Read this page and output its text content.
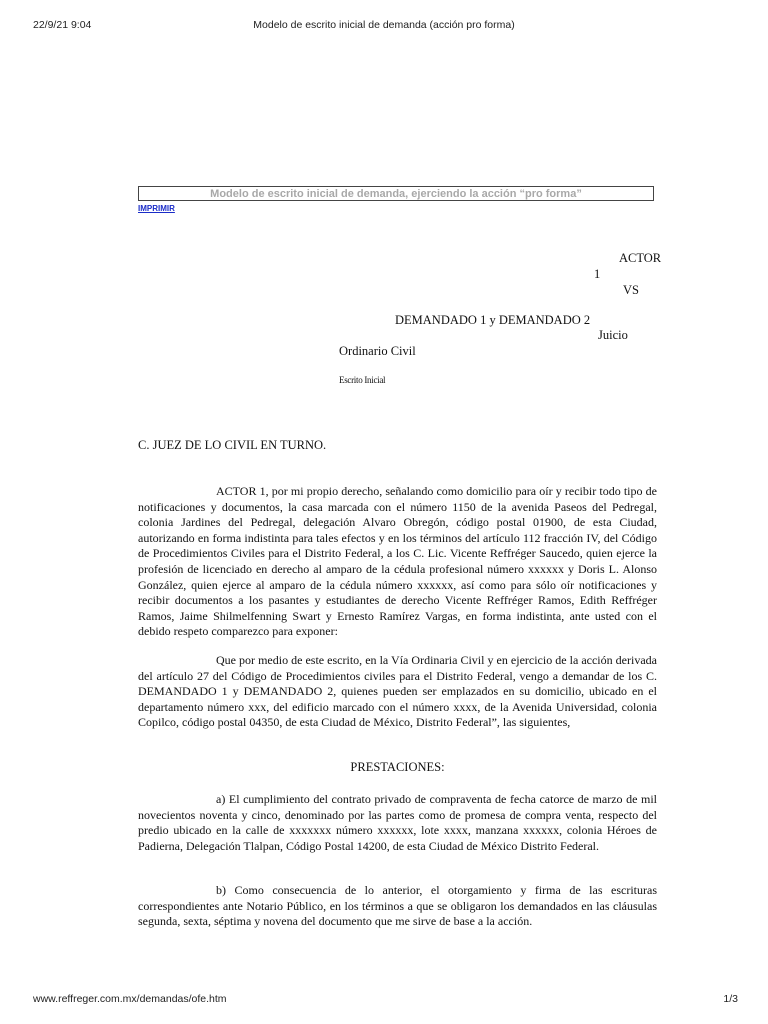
22/9/21 9:04	Modelo de escrito inicial de demanda (acción pro forma)
Modelo de escrito inicial de demanda, ejerciendo la acción “pro forma”
IMPRIMIR
ACTOR
1
VS
DEMANDADO 1 y DEMANDADO 2
Juicio
Ordinario Civil
Escrito Inicial
C. JUEZ DE LO CIVIL EN TURNO.

ACTOR 1, por mi propio derecho, señalando como domicilio para oír y recibir todo tipo de notificaciones y documentos, la casa marcada con el número 1150 de la avenida Paseos del Pedregal, colonia Jardines del Pedregal, delegación Alvaro Obregón, código postal 01900, de esta Ciudad, autorizando en forma indistinta para tales efectos y en los términos del artículo 112 fracción IV, del Código de Procedimientos Civiles para el Distrito Federal, a los C. Lic. Vicente Reffréger Saucedo, quien ejerce la profesión de licenciado en derecho al amparo de la cédula profesional número xxxxxx y Doris L. Alonso González, quien ejerce al amparo de la cédula número xxxxxx, así como para sólo oír notificaciones y recibir documentos a los pasantes y estudiantes de derecho Vicente Reffréger Ramos, Edith Reffréger Ramos, Jaime Shilmelfenning Swart y Ernesto Ramírez Vargas, en forma indistinta, ante usted con el debido respeto comparezco para exponer:

Que por medio de este escrito, en la Vía Ordinaria Civil y en ejercicio de la acción derivada del artículo 27 del Código de Procedimientos civiles para el Distrito Federal, vengo a demandar de los C. DEMANDADO 1 y DEMANDADO 2, quienes pueden ser emplazados en su domicilio, ubicado en el departamento número xxx, del edificio marcado con el número xxxx, de la Avenida Universidad, colonia Copilco, código postal 04350, de esta Ciudad de México, Distrito Federal”, las siguientes,

PRESTACIONES:

a) El cumplimiento del contrato privado de compraventa de fecha catorce de marzo de mil novecientos noventa y cinco, denominado por las partes como de promesa de compra venta, respecto del predio ubicado en la calle de xxxxxxx número xxxxxx, lote xxxx, manzana xxxxxx, colonia Héroes de Padierna, Delegación Tlalpan, Código Postal 14200, de esta Ciudad de México Distrito Federal.

b) Como consecuencia de lo anterior, el otorgamiento y firma de las escrituras correspondientes ante Notario Público, en los términos a que se obligaron los demandados en las cláusulas segunda, sexta, séptima y novena del documento que me sirve de base a la acción.

www.reffreger.com.mx/demandas/ofe.htm	1/3
